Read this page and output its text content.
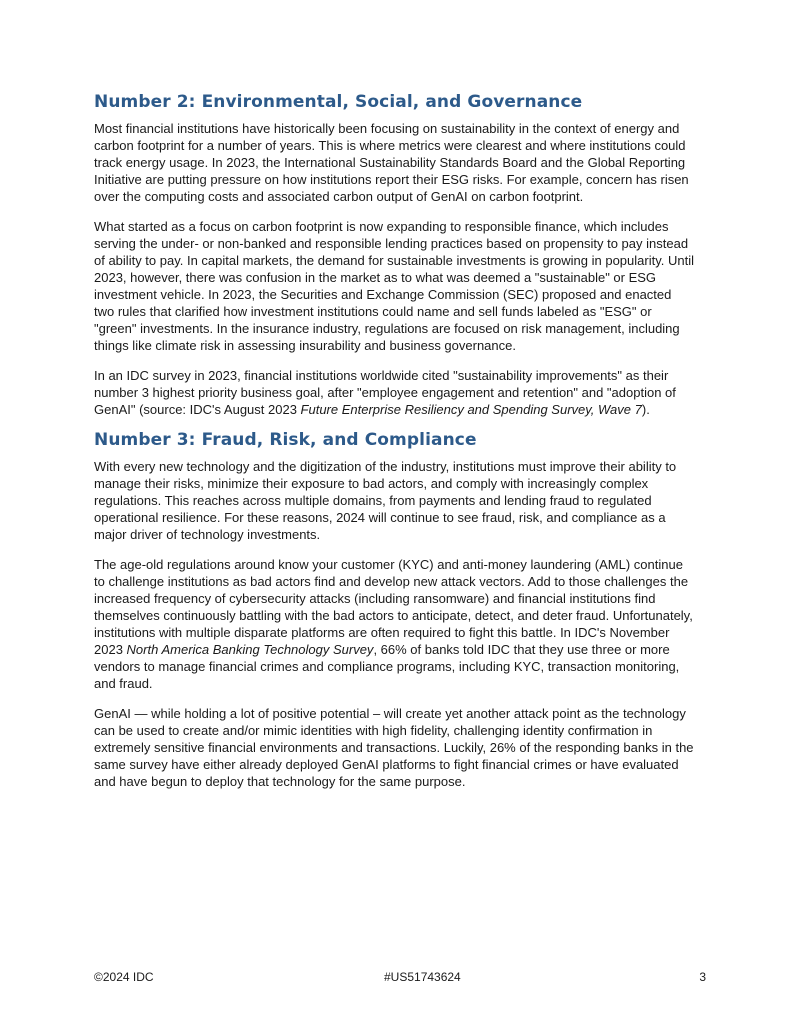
Number 2: Environmental, Social, and Governance

Most financial institutions have historically been focusing on sustainability in the context of energy and carbon footprint for a number of years. This is where metrics were clearest and where institutions could track energy usage. In 2023, the International Sustainability Standards Board and the Global Reporting Initiative are putting pressure on how institutions report their ESG risks. For example, concern has risen over the computing costs and associated carbon output of GenAI on carbon footprint.

What started as a focus on carbon footprint is now expanding to responsible finance, which includes serving the under- or non-banked and responsible lending practices based on propensity to pay instead of ability to pay. In capital markets, the demand for sustainable investments is growing in popularity. Until 2023, however, there was confusion in the market as to what was deemed a "sustainable" or ESG investment vehicle. In 2023, the Securities and Exchange Commission (SEC) proposed and enacted two rules that clarified how investment institutions could name and sell funds labeled as "ESG" or "green" investments. In the insurance industry, regulations are focused on risk management, including things like climate risk in assessing insurability and business governance.

In an IDC survey in 2023, financial institutions worldwide cited "sustainability improvements" as their number 3 highest priority business goal, after "employee engagement and retention" and "adoption of GenAI" (source: IDC's August 2023 Future Enterprise Resiliency and Spending Survey, Wave 7).

Number 3: Fraud, Risk, and Compliance

With every new technology and the digitization of the industry, institutions must improve their ability to manage their risks, minimize their exposure to bad actors, and comply with increasingly complex regulations. This reaches across multiple domains, from payments and lending fraud to regulated operational resilience. For these reasons, 2024 will continue to see fraud, risk, and compliance as a major driver of technology investments.

The age-old regulations around know your customer (KYC) and anti-money laundering (AML) continue to challenge institutions as bad actors find and develop new attack vectors. Add to those challenges the increased frequency of cybersecurity attacks (including ransomware) and financial institutions find themselves continuously battling with the bad actors to anticipate, detect, and deter fraud. Unfortunately, institutions with multiple disparate platforms are often required to fight this battle. In IDC's November 2023 North America Banking Technology Survey, 66% of banks told IDC that they use three or more vendors to manage financial crimes and compliance programs, including KYC, transaction monitoring, and fraud.

GenAI — while holding a lot of positive potential – will create yet another attack point as the technology can be used to create and/or mimic identities with high fidelity, challenging identity confirmation in extremely sensitive financial environments and transactions. Luckily, 26% of the responding banks in the same survey have either already deployed GenAI platforms to fight financial crimes or have evaluated and have begun to deploy that technology for the same purpose.

©2024 IDC	#US51743624	3
